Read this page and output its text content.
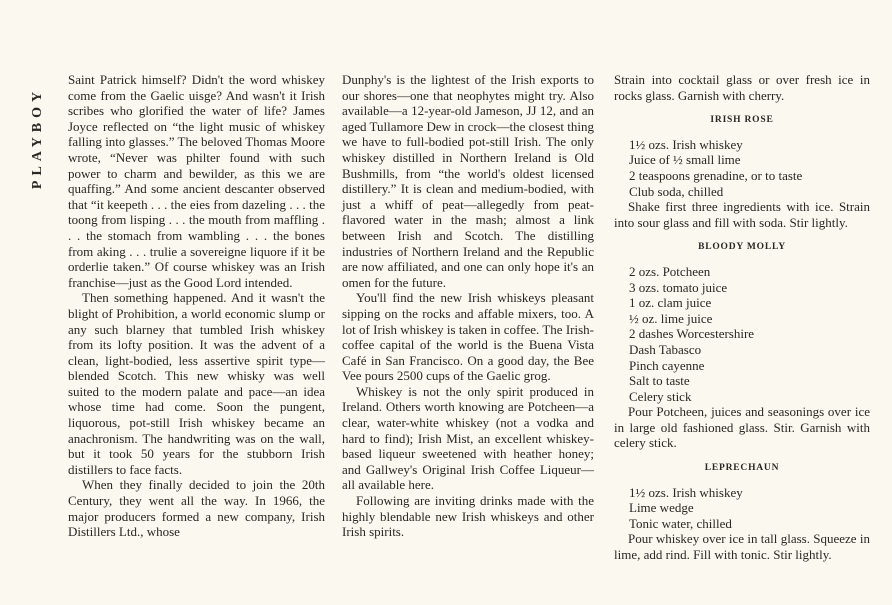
PLAYBOY

Saint Patrick himself? Didn't the word whiskey come from the Gaelic uisge? And wasn't it Irish scribes who glorified the water of life? James Joyce reflected on “the light music of whiskey falling into glasses.” The beloved Thomas Moore wrote, “Never was philter found with such power to charm and bewilder, as this we are quaffing.” And some ancient descanter observed that “it keepeth . . . the eies from dazeling . . . the toong from lisping . . . the mouth from maffling . . . the stomach from wambling . . . the bones from aking . . . trulie a sovereigne liquore if it be orderlie taken.” Of course whiskey was an Irish franchise—just as the Good Lord intended.

Then something happened. And it wasn't the blight of Prohibition, a world economic slump or any such blarney that tumbled Irish whiskey from its lofty position. It was the advent of a clean, light-bodied, less assertive spirit type—blended Scotch. This new whisky was well suited to the modern palate and pace—an idea whose time had come. Soon the pungent, liquorous, pot-still Irish whiskey became an anachronism. The handwriting was on the wall, but it took 50 years for the stubborn Irish distillers to face facts.

When they finally decided to join the 20th Century, they went all the way. In 1966, the major producers formed a new company, Irish Distillers Ltd., whose

Dunphy's is the lightest of the Irish exports to our shores—one that neophytes might try. Also available—a 12-year-old Jameson, JJ 12, and an aged Tullamore Dew in crock—the closest thing we have to full-bodied pot-still Irish. The only whiskey distilled in Northern Ireland is Old Bushmills, from “the world's oldest licensed distillery.” It is clean and medium-bodied, with just a whiff of peat—allegedly from peat-flavored water in the mash; almost a link between Irish and Scotch. The distilling industries of Northern Ireland and the Republic are now affiliated, and one can only hope it's an omen for the future.

You'll find the new Irish whiskeys pleasant sipping on the rocks and affable mixers, too. A lot of Irish whiskey is taken in coffee. The Irish-coffee capital of the world is the Buena Vista Café in San Francisco. On a good day, the Bee Vee pours 2500 cups of the Gaelic grog.

Whiskey is not the only spirit produced in Ireland. Others worth knowing are Potcheen—a clear, water-white whiskey (not a vodka and hard to find); Irish Mist, an excellent whiskey-based liqueur sweetened with heather honey; and Gallwey's Original Irish Coffee Liqueur—all available here.

Following are inviting drinks made with the highly blendable new Irish whiskeys and other Irish spirits.

Strain into cocktail glass or over fresh ice in rocks glass. Garnish with cherry.

IRISH ROSE
1½ ozs. Irish whiskey
Juice of ½ small lime
2 teaspoons grenadine, or to taste
Club soda, chilled

Shake first three ingredients with ice. Strain into sour glass and fill with soda. Stir lightly.

BLOODY MOLLY
2 ozs. Potcheen
3 ozs. tomato juice
1 oz. clam juice
½ oz. lime juice
2 dashes Worcestershire
Dash Tabasco
Pinch cayenne
Salt to taste
Celery stick

Pour Potcheen, juices and seasonings over ice in large old fashioned glass. Stir. Garnish with celery stick.

LEPRECHAUN
1½ ozs. Irish whiskey
Lime wedge
Tonic water, chilled

Pour whiskey over ice in tall glass. Squeeze in lime, add rind. Fill with tonic. Stir lightly.
